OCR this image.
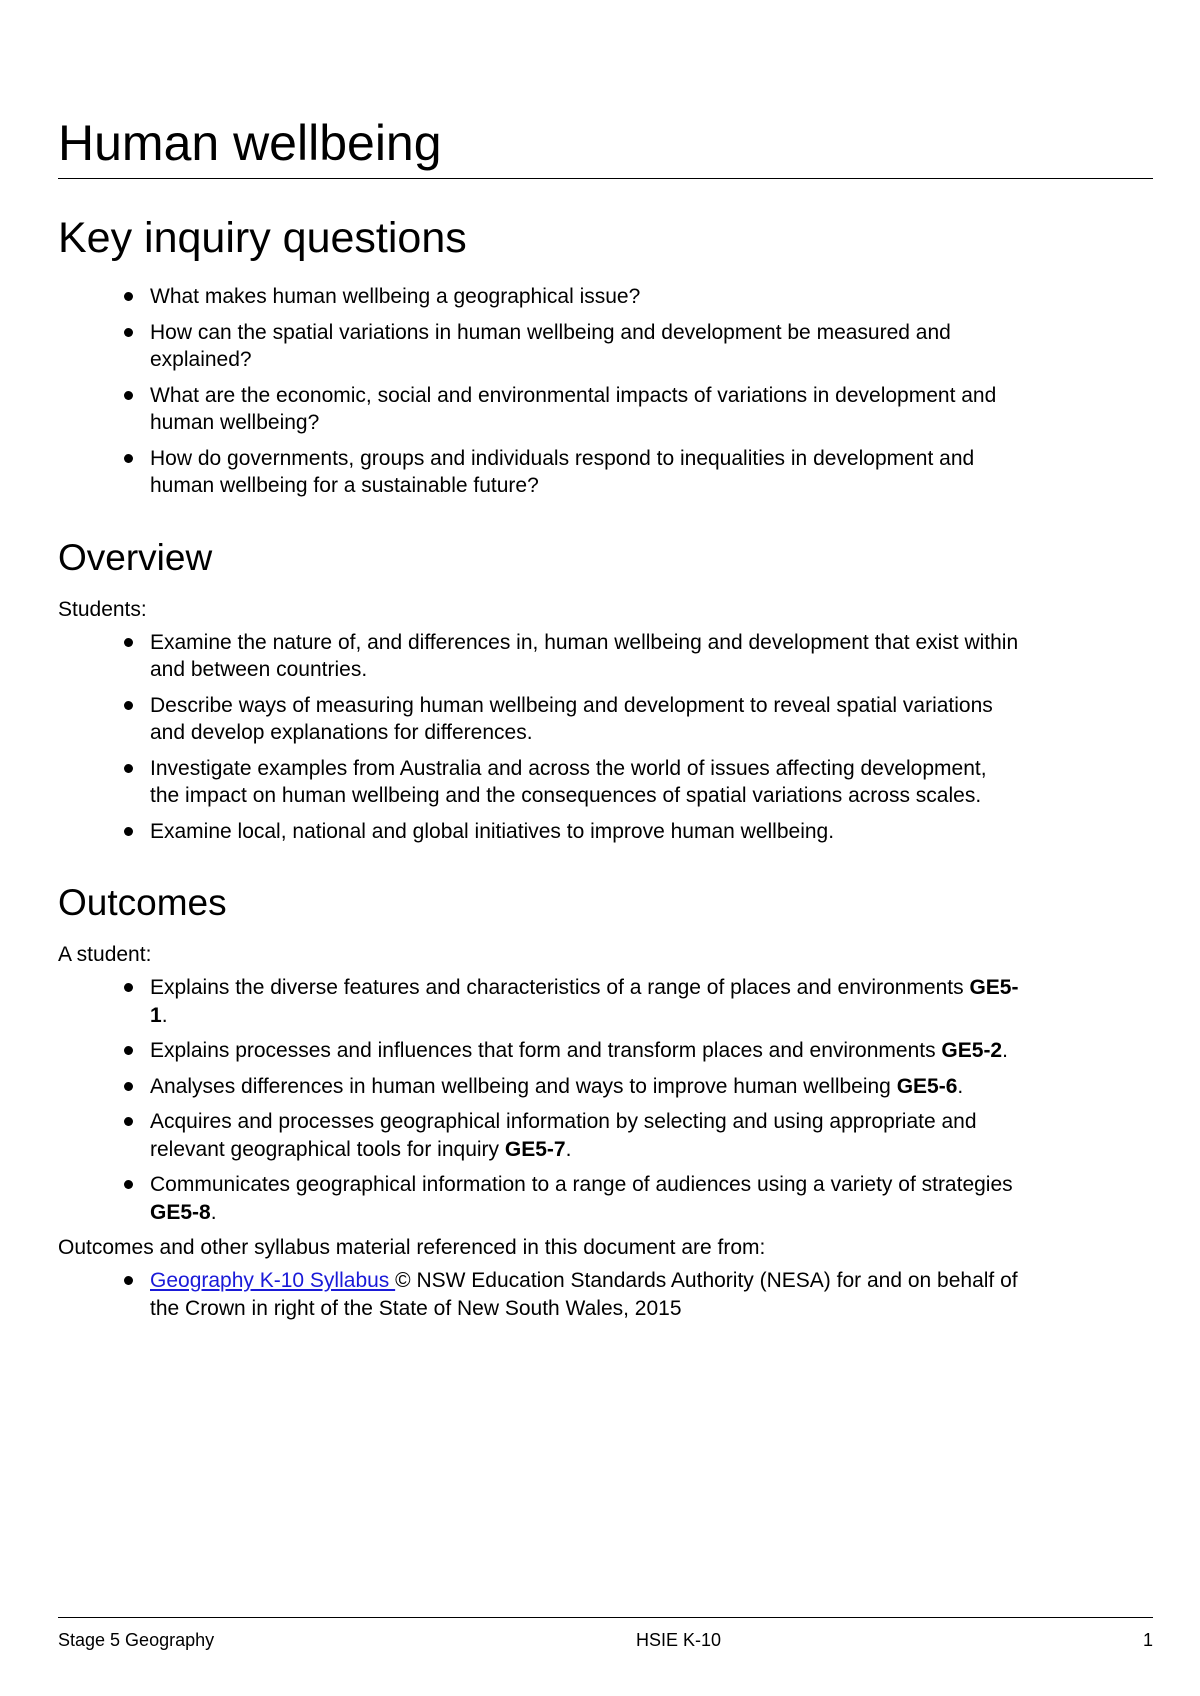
Human wellbeing
Key inquiry questions
What makes human wellbeing a geographical issue?
How can the spatial variations in human wellbeing and development be measured and explained?
What are the economic, social and environmental impacts of variations in development and human wellbeing?
How do governments, groups and individuals respond to inequalities in development and human wellbeing for a sustainable future?
Overview

Students:

Examine the nature of, and differences in, human wellbeing and development that exist within and between countries.
Describe ways of measuring human wellbeing and development to reveal spatial variations and develop explanations for differences.
Investigate examples from Australia and across the world of issues affecting development, the impact on human wellbeing and the consequences of spatial variations across scales.
Examine local, national and global initiatives to improve human wellbeing.
Outcomes

A student:

Explains the diverse features and characteristics of a range of places and environments GE5-1.
Explains processes and influences that form and transform places and environments GE5-2.
Analyses differences in human wellbeing and ways to improve human wellbeing GE5-6.
Acquires and processes geographical information by selecting and using appropriate and relevant geographical tools for inquiry GE5-7.
Communicates geographical information to a range of audiences using a variety of strategies GE5-8.

Outcomes and other syllabus material referenced in this document are from:

Geography K-10 Syllabus © NSW Education Standards Authority (NESA) for and on behalf of the Crown in right of the State of New South Wales, 2015
Stage 5 Geography	HSIE K-10	1
